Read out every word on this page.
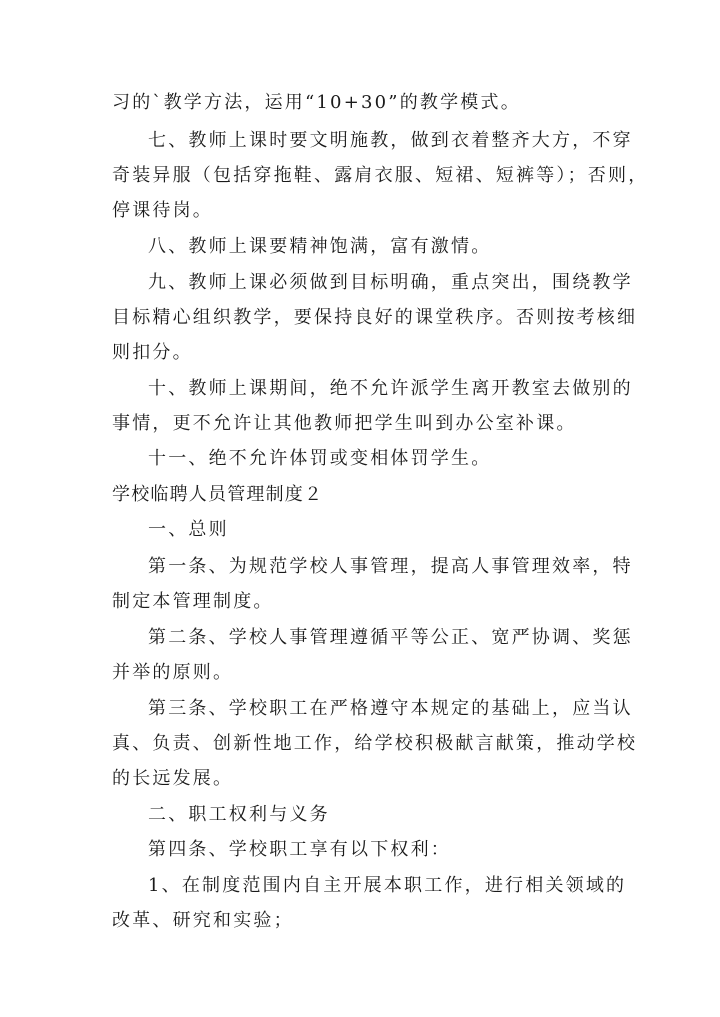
习的`教学方法，运用“10+30”的教学模式。
七、教师上课时要文明施教，做到衣着整齐大方，不穿
奇装异服（包括穿拖鞋、露肩衣服、短裙、短裤等）；否则，
停课待岗。
八、教师上课要精神饱满，富有激情。
九、教师上课必须做到目标明确，重点突出，围绕教学
目标精心组织教学，要保持良好的课堂秩序。否则按考核细
则扣分。
十、教师上课期间，绝不允许派学生离开教室去做别的
事情，更不允许让其他教师把学生叫到办公室补课。
十一、绝不允许体罚或变相体罚学生。
学校临聘人员管理制度２
一、总则
第一条、为规范学校人事管理，提高人事管理效率，特
制定本管理制度。
第二条、学校人事管理遵循平等公正、宽严协调、奖惩
并举的原则。
第三条、学校职工在严格遵守本规定的基础上，应当认
真、负责、创新性地工作，给学校积极献言献策，推动学校
的长远发展。
二、职工权利与义务
第四条、学校职工享有以下权利：
1、在制度范围内自主开展本职工作，进行相关领域的
改革、研究和实验；
